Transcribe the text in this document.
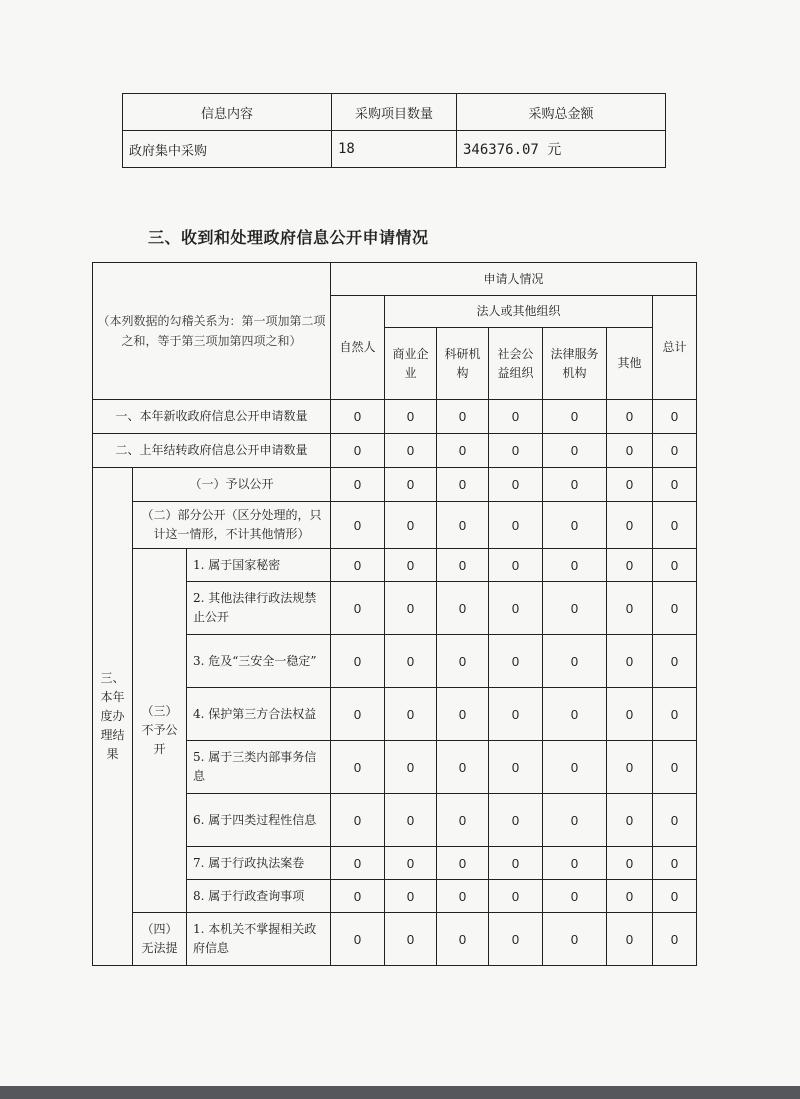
信息内容	采购项目数量	采购总金额
政府集中采购	18	346376.07 元
三、收到和处理政府信息公开申请情况
（本列数据的勾稽关系为：第一项加第二项之和，等于第三项加第四项之和）			申请人情况						
			自然人	法人或其他组织					总计
				商业企业	科研机构	社会公益组织	法律服务机构	其他	
一、本年新收政府信息公开申请数量			0	0	0	0	0	0	0
二、上年结转政府信息公开申请数量			0	0	0	0	0	0	0
三、本年度办理结果	（一）予以公开		0	0	0	0	0	0	0
	（二）部分公开（区分处理的，只计这一情形，不计其他情形）		0	0	0	0	0	0	0
	（三）不予公开	1. 属于国家秘密	0	0	0	0	0	0	0
		2. 其他法律行政法规禁止公开	0	0	0	0	0	0	0
		3. 危及“三安全一稳定”	0	0	0	0	0	0	0
		4. 保护第三方合法权益	0	0	0	0	0	0	0
		5. 属于三类内部事务信息	0	0	0	0	0	0	0
		6. 属于四类过程性信息	0	0	0	0	0	0	0
		7. 属于行政执法案卷	0	0	0	0	0	0	0
		8. 属于行政查询事项	0	0	0	0	0	0	0
	（四）无法提	1. 本机关不掌握相关政府信息	0	0	0	0	0	0	0
